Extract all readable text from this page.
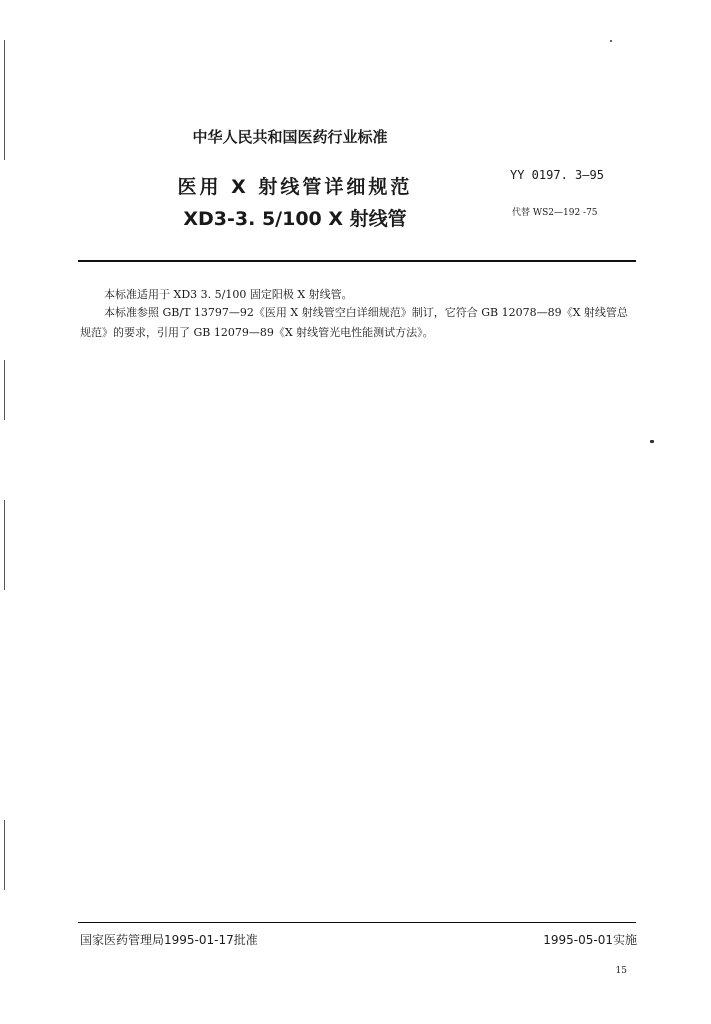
中华人民共和国医药行业标准
医用 X 射线管详细规范
XD3-3. 5/100 X 射线管
YY 0197. 3—95
代替 WS2—192 -75
本标准适用于 XD3 3. 5/100 固定阳极 X 射线管。
本标准参照 GB/T 13797—92《医用 X 射线管空白详细规范》制订，它符合 GB 12078—89《X 射线管总规范》的要求，引用了 GB 12079—89《X 射线管光电性能测试方法》。
国家医药管理局1995-01-17批准	1995-05-01实施
15
